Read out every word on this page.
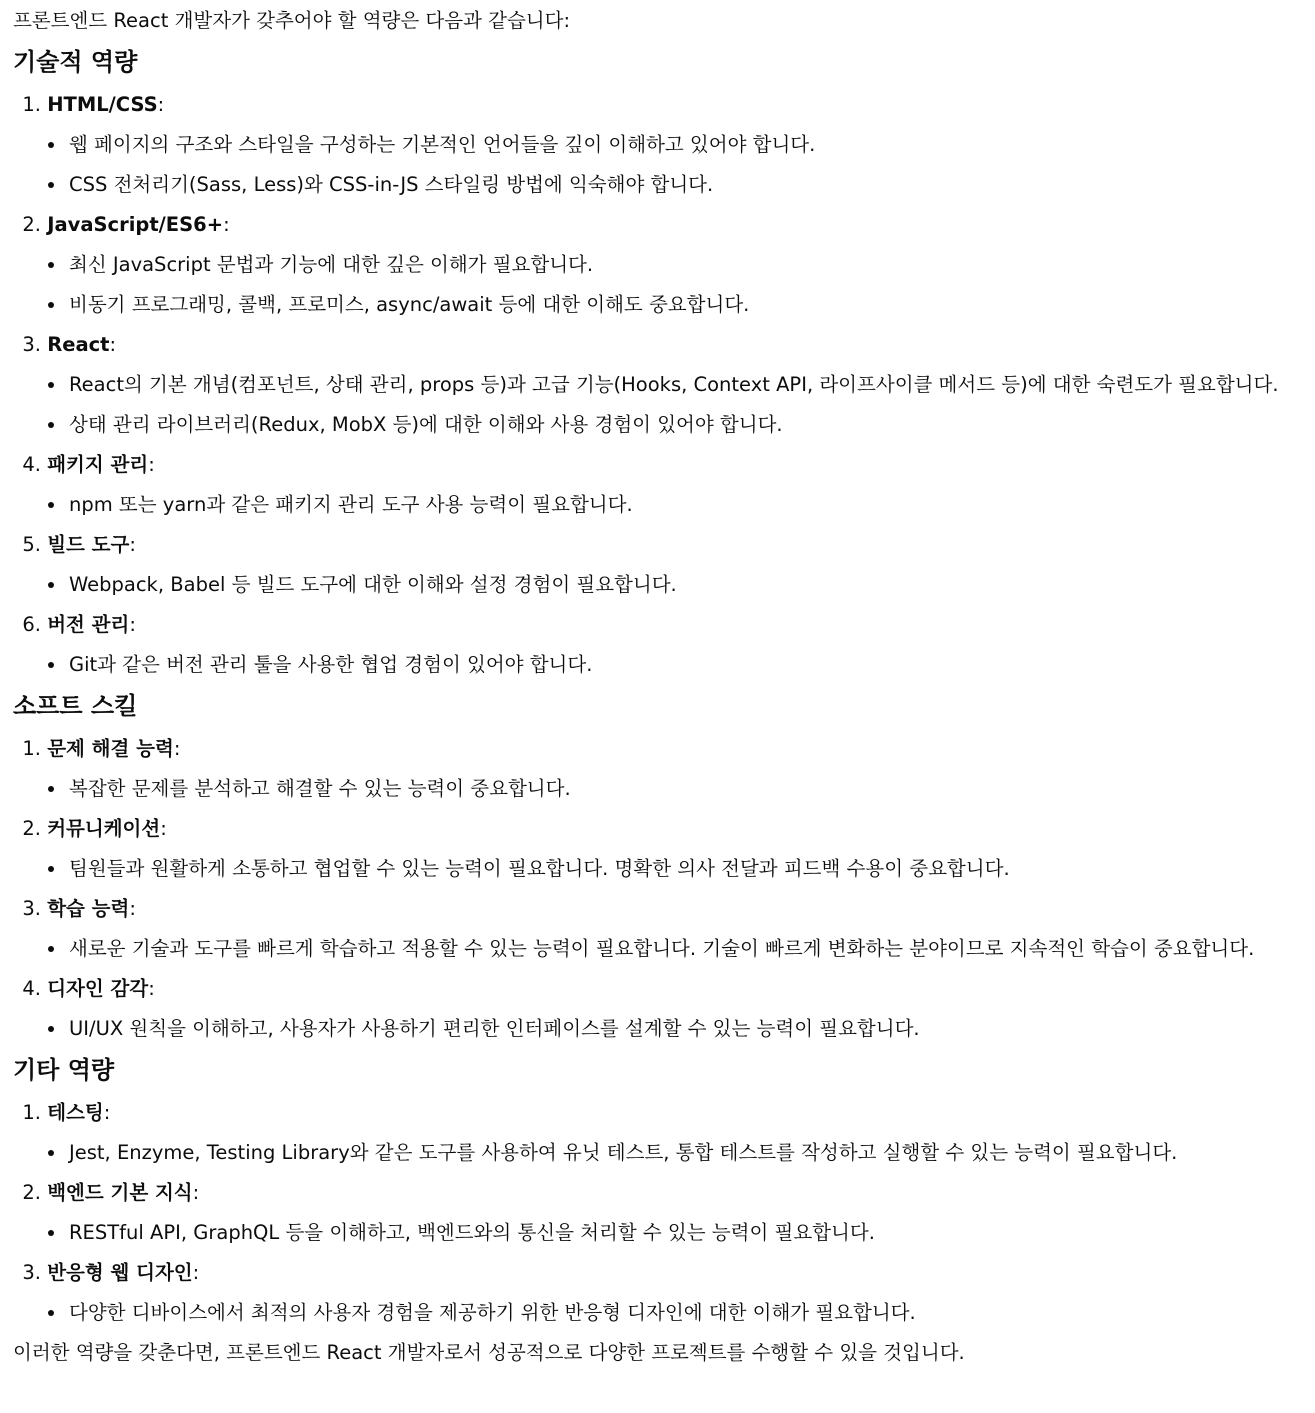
프론트엔드 React 개발자가 갖추어야 할 역량은 다음과 같습니다:

기술적 역량
1. HTML/CSS:
웹 페이지의 구조와 스타일을 구성하는 기본적인 언어들을 깊이 이해하고 있어야 합니다.
CSS 전처리기(Sass, Less)와 CSS-in-JS 스타일링 방법에 익숙해야 합니다.
2. JavaScript/ES6+:
최신 JavaScript 문법과 기능에 대한 깊은 이해가 필요합니다.
비동기 프로그래밍, 콜백, 프로미스, async/await 등에 대한 이해도 중요합니다.
3. React:
React의 기본 개념(컴포넌트, 상태 관리, props 등)과 고급 기능(Hooks, Context API, 라이프사이클 메서드 등)에 대한 숙련도가 필요합니다.
상태 관리 라이브러리(Redux, MobX 등)에 대한 이해와 사용 경험이 있어야 합니다.
4. 패키지 관리:
npm 또는 yarn과 같은 패키지 관리 도구 사용 능력이 필요합니다.
5. 빌드 도구:
Webpack, Babel 등 빌드 도구에 대한 이해와 설정 경험이 필요합니다.
6. 버전 관리:
Git과 같은 버전 관리 툴을 사용한 협업 경험이 있어야 합니다.
소프트 스킬
1. 문제 해결 능력:
복잡한 문제를 분석하고 해결할 수 있는 능력이 중요합니다.
2. 커뮤니케이션:
팀원들과 원활하게 소통하고 협업할 수 있는 능력이 필요합니다. 명확한 의사 전달과 피드백 수용이 중요합니다.
3. 학습 능력:
새로운 기술과 도구를 빠르게 학습하고 적용할 수 있는 능력이 필요합니다. 기술이 빠르게 변화하는 분야이므로 지속적인 학습이 중요합니다.
4. 디자인 감각:
UI/UX 원칙을 이해하고, 사용자가 사용하기 편리한 인터페이스를 설계할 수 있는 능력이 필요합니다.
기타 역량
1. 테스팅:
Jest, Enzyme, Testing Library와 같은 도구를 사용하여 유닛 테스트, 통합 테스트를 작성하고 실행할 수 있는 능력이 필요합니다.
2. 백엔드 기본 지식:
RESTful API, GraphQL 등을 이해하고, 백엔드와의 통신을 처리할 수 있는 능력이 필요합니다.
3. 반응형 웹 디자인:
다양한 디바이스에서 최적의 사용자 경험을 제공하기 위한 반응형 디자인에 대한 이해가 필요합니다.

이러한 역량을 갖춘다면, 프론트엔드 React 개발자로서 성공적으로 다양한 프로젝트를 수행할 수 있을 것입니다.
